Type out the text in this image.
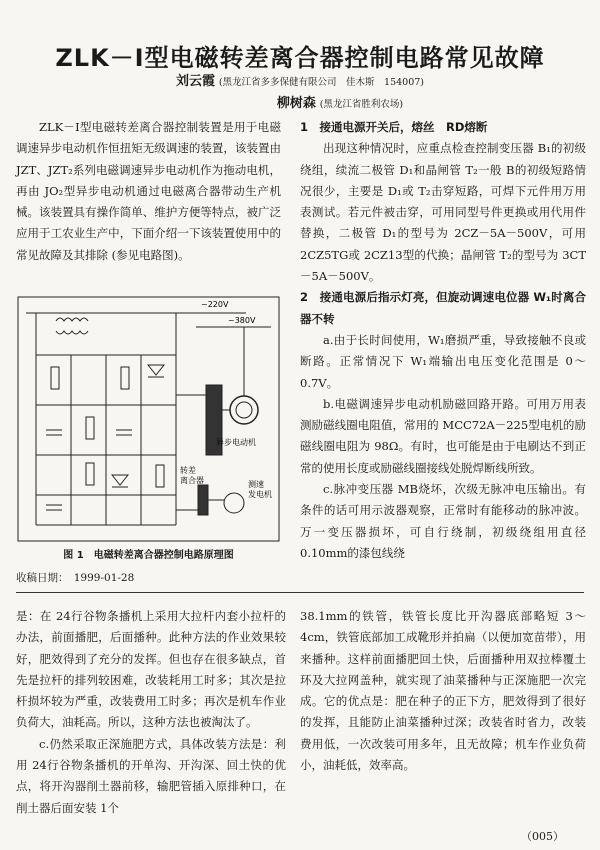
ZLK－Ⅰ型电磁转差离合器控制电路常见故障
刘云霞 (黑龙江省多多保健有限公司　佳木斯　154007)
柳树森 (黑龙江省胜利农场)

ZLK－Ⅰ型电磁转差离合器控制装置是用于电磁调速异步电动机作恒扭矩无级调速的装置，该装置由 JZT、JZT₂系列电磁调速异步电动机作为拖动电机，再由 JO₂型异步电动机通过电磁离合器带动生产机械。该装置具有操作简单、维护方便等特点，被广泛应用于工农业生产中，下面介绍一下该装置使用中的常见故障及其排除 (参见电路图)。

~220V
~380V
异步电动机
转差离合器	测速发电机
图 1　电磁转差离合器控制电路原理图
收稿日期：　1999-01-28

1　接通电源开关后，熔丝　RD熔断

出现这种情况时，应重点检查控制变压器 B₁的初级绕组，续流二极管 D₁和晶闸管 T₂一般 B的初级短路情况很少，主要是 D₁或 T₂击穿短路，可焊下元件用万用表测试。若元件被击穿，可用同型号件更换或用代用件替换，二极管 D₁的型号为 2CZ－5A－500V，可用 2CZ5TG或 2CZ13型的代换；晶闸管 T₂的型号为 3CT－5A－500V。

2　接通电源后指示灯亮，但旋动调速电位器 W₁时离合器不转

a.由于长时间使用，W₁磨损严重，导致接触不良或断路。正常情况下 W₁端输出电压变化范围是 0～0.7V。

b.电磁调速异步电动机励磁回路开路。可用万用表测励磁线圈电阻值，常用的 MCC72A－225型电机的励磁线圈电阻为 98Ω。有时，也可能是由于电刷达不到正常的使用长度或励磁线圈接线处脱焊断线所致。

c.脉冲变压器 MB烧坏，次级无脉冲电压输出。有条件的话可用示波器观察，正常时有能移动的脉冲波。万一变压器损坏，可自行绕制，初级绕组用直径 0.10mm的漆包线绕

是：在 24行谷物条播机上采用大拉杆内套小拉杆的办法，前面播肥，后面播种。此种方法的作业效果较好，肥效得到了充分的发挥。但也存在很多缺点，首先是拉杆的排列较困难，改装耗用工时多；其次是拉杆损坏较为严重，改装费用工时多；再次是机车作业负荷大，油耗高。所以，这种方法也被淘汰了。

c.仍然采取正深施肥方式，具体改装方法是：利用 24行谷物条播机的开单沟、开沟深、回土快的优点，将开沟器削土器前移，输肥管插入原排种口，在削土器后面安装 1个

38.1mm的铁管，铁管长度比开沟器底部略短 3～4cm，铁管底部加工成靴形并拍扁（以便加宽苗带），用来播种。这样前面播肥回土快，后面播种用双拉棒覆土环及大拉网盖种，就实现了油菜播种与正深施肥一次完成。它的优点是：肥在种子的正下方，肥效得到了很好的发挥，且能防止油菜播种过深；改装省时省力，改装费用低，一次改装可用多年，且无故障；机车作业负荷小，油耗低，效率高。

（005）
